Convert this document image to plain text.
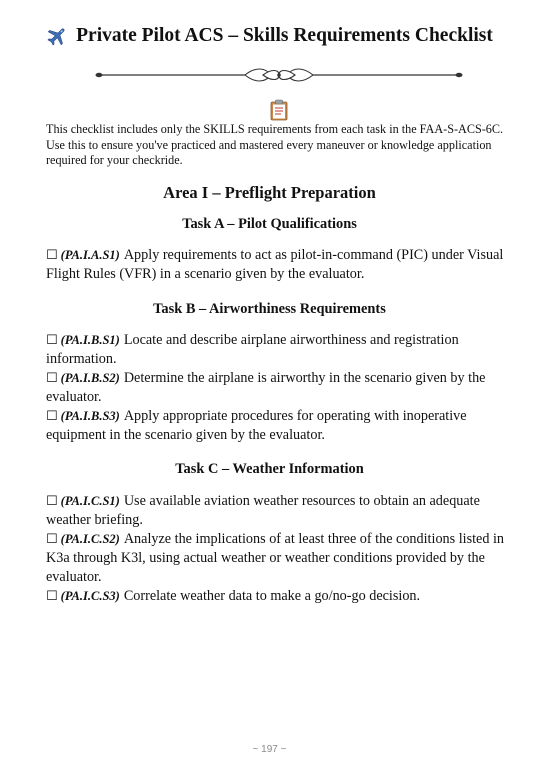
Private Pilot ACS – Skills Requirements Checklist
This checklist includes only the SKILLS requirements from each task in the FAA-S-ACS-6C. Use this to ensure you've practiced and mastered every maneuver or knowledge application required for your checkride.
Area I – Preflight Preparation
Task A – Pilot Qualifications

☐ (PA.I.A.S1) Apply requirements to act as pilot-in-command (PIC) under Visual Flight Rules (VFR) in a scenario given by the evaluator.

Task B – Airworthiness Requirements

☐ (PA.I.B.S1) Locate and describe airplane airworthiness and registration information.

☐ (PA.I.B.S2) Determine the airplane is airworthy in the scenario given by the evaluator.

☐ (PA.I.B.S3) Apply appropriate procedures for operating with inoperative equipment in the scenario given by the evaluator.

Task C – Weather Information

☐ (PA.I.C.S1) Use available aviation weather resources to obtain an adequate weather briefing.

☐ (PA.I.C.S2) Analyze the implications of at least three of the conditions listed in K3a through K3l, using actual weather or weather conditions provided by the evaluator.

☐ (PA.I.C.S3) Correlate weather data to make a go/no-go decision.

~ 197 ~
